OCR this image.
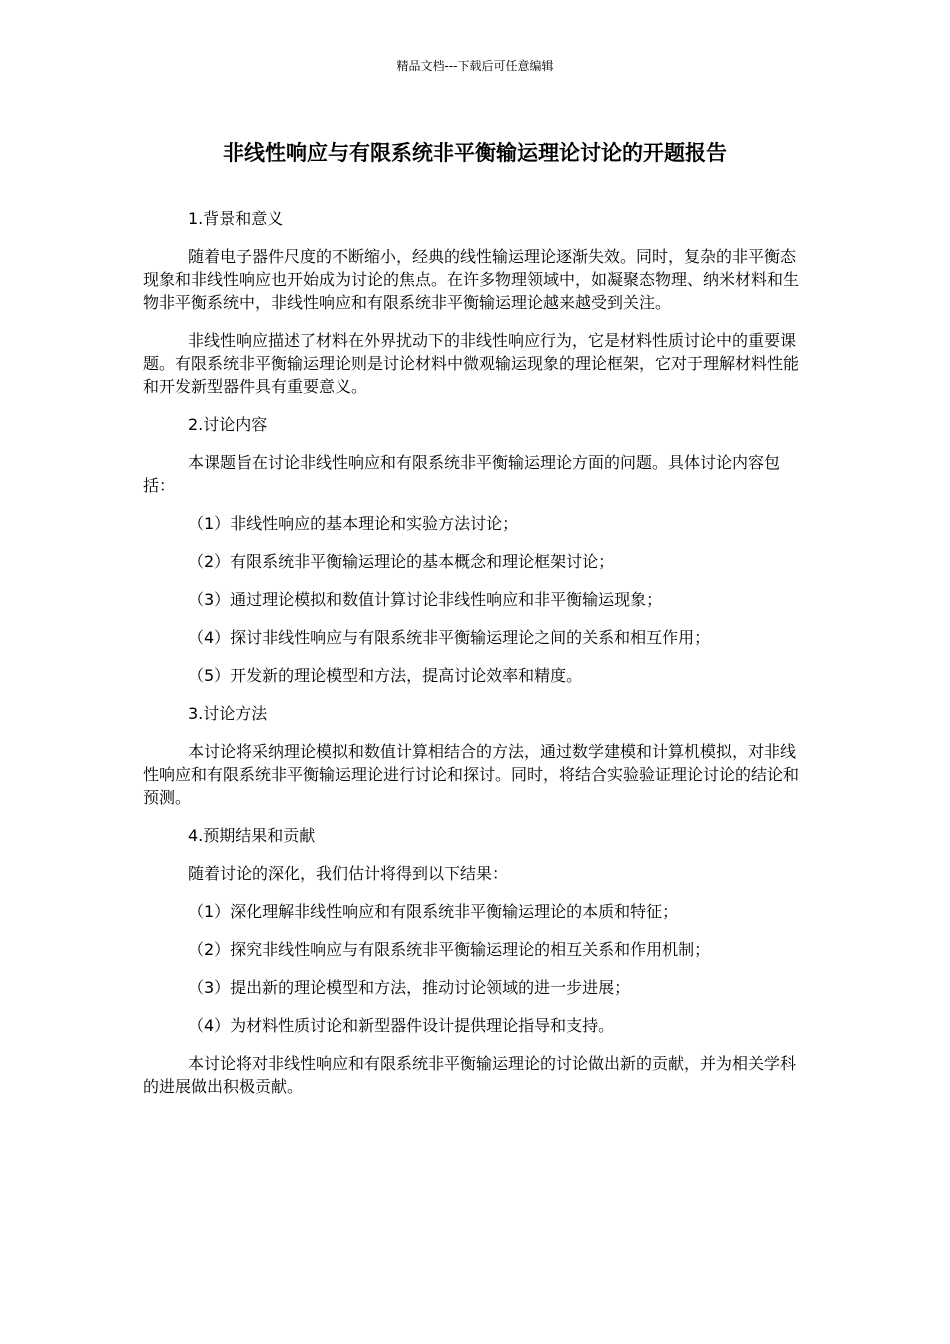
精品文档---下载后可任意编辑
非线性响应与有限系统非平衡输运理论讨论的开题报告

1.背景和意义

随着电子器件尺度的不断缩小，经典的线性输运理论逐渐失效。同时，复杂的非平衡态现象和非线性响应也开始成为讨论的焦点。在许多物理领域中，如凝聚态物理、纳米材料和生物非平衡系统中，非线性响应和有限系统非平衡输运理论越来越受到关注。

非线性响应描述了材料在外界扰动下的非线性响应行为，它是材料性质讨论中的重要课题。有限系统非平衡输运理论则是讨论材料中微观输运现象的理论框架，它对于理解材料性能和开发新型器件具有重要意义。

2.讨论内容

本课题旨在讨论非线性响应和有限系统非平衡输运理论方面的问题。具体讨论内容包括：

（1）非线性响应的基本理论和实验方法讨论；

（2）有限系统非平衡输运理论的基本概念和理论框架讨论；

（3）通过理论模拟和数值计算讨论非线性响应和非平衡输运现象；

（4）探讨非线性响应与有限系统非平衡输运理论之间的关系和相互作用；

（5）开发新的理论模型和方法，提高讨论效率和精度。

3.讨论方法

本讨论将采纳理论模拟和数值计算相结合的方法，通过数学建模和计算机模拟，对非线性响应和有限系统非平衡输运理论进行讨论和探讨。同时，将结合实验验证理论讨论的结论和预测。

4.预期结果和贡献

随着讨论的深化，我们估计将得到以下结果：

（1）深化理解非线性响应和有限系统非平衡输运理论的本质和特征；

（2）探究非线性响应与有限系统非平衡输运理论的相互关系和作用机制；

（3）提出新的理论模型和方法，推动讨论领域的进一步进展；

（4）为材料性质讨论和新型器件设计提供理论指导和支持。

本讨论将对非线性响应和有限系统非平衡输运理论的讨论做出新的贡献，并为相关学科的进展做出积极贡献。
